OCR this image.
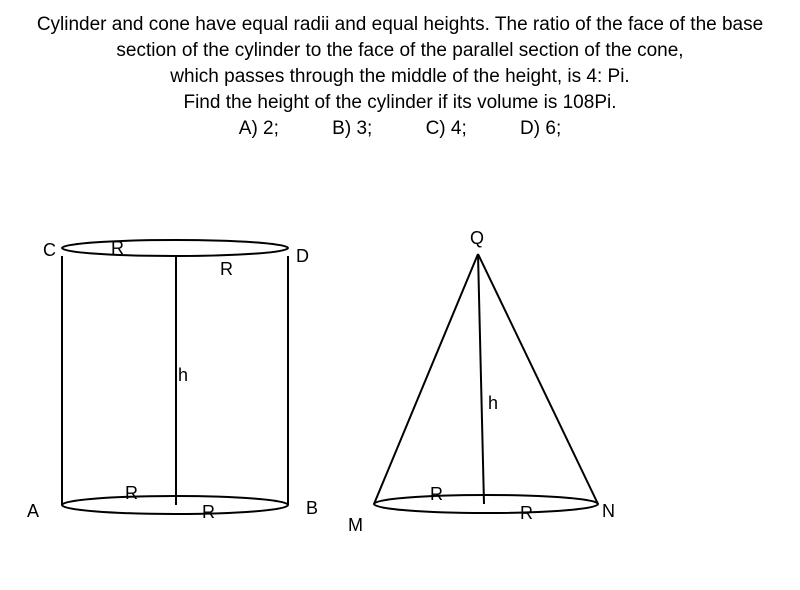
Cylinder and cone have equal radii and equal heights. The ratio of the face of the base
section of the cylinder to the face of the parallel section of the cone,
which passes through the middle of the height, is 4: Pi.
Find the height of the cylinder if its volume is 108Pi.
A) 2;	B) 3;	C) 4;	D) 6;
C	D
A	B
h
R
R
R
R
Q
M
N
h
R
R
